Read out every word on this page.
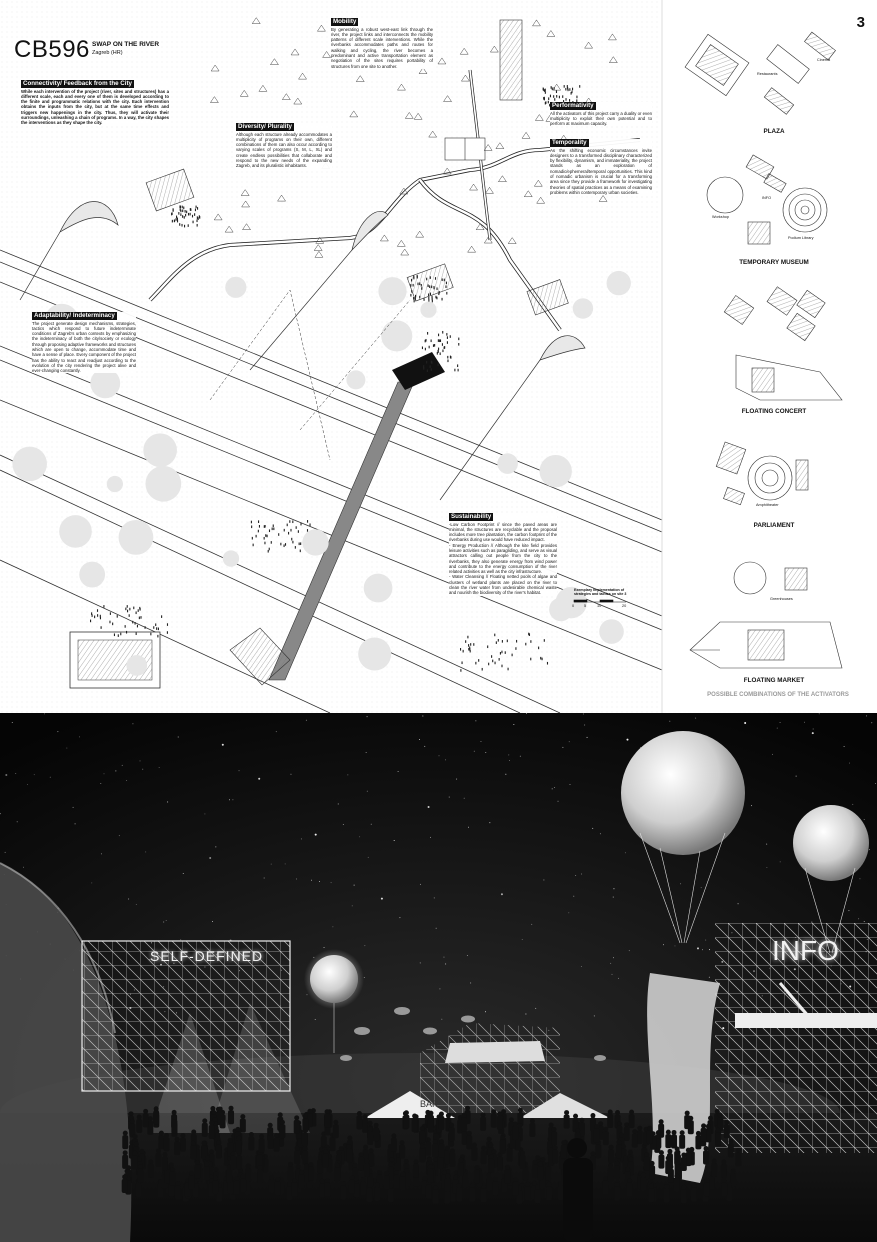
CB596 SWAP ON THE RIVER
Zagreb (HR)
3
Connectivity/ Feedback from the City
While each intervention of the project (river, sites and structures) has a different scale, each and every one of them is developed according to the finite and programmatic relations with the city. Each intervention obtains the inputs from the city, but at the same time effects and triggers new happenings in the city. Thus, they will activate their surroundings, unleashing a chain of programs. In a way, the city shapes the interventions as they shape the city.
Mobility
By generating a robust west-east link through the river, the project links and interconnects the mobility patterns of different scale interventions. While the riverbanks accommodates paths and routes for walking and cycling, the river becomes a predominant and active transportation element as negotiation of the sites requires portability of structures from one site to another.
Diversity/ Plurality
Although each structure already accommodates a multiplicity of programs on their own, different combinations of them can also occur according to varying scales of programs (S, M, L, XL) and create endless possibilities that collaborate and respond to the new needs of the expanding Zagreb, and its pluralistic inhabitants.
Performativity
All the activators of this project carry a duality or even multiplicity to exploit their own potential and to perform at maximum capacity.
Temporality
As the shifting economic circumstances invite designers to a transformed disciplinary characterized by flexibility, dynamism, and immateriality, the project stands as an exploration of nomadic/ephemeral/temporal opportunities. This kind of nomadic urbanism is crucial for a transforming area since they provide a framework for investigating theories of spatial practices as a means of examining problems within contemporary urban societies.
Adaptability/ Indeterminacy
The project generate design mechanisms, strategies, tactics which respond to future indeterminate conditions of Zagreb's urban contexts by emphasizing the indeterminacy of both the city/society or ecology through proposing adaptive frameworks and structures which are open to change, accommodate time and have a sense of place. Every component of the project has the ability to react and readjust according to the evolution of the city rendering the project alive and ever-changing constantly.
Sustainability
-Low Carbon Footprint // since the paved areas are minimal, the structures are recyclable and the proposal includes more tree plantation, the carbon footprint of the riverbanks during use would have reduced impact.
- Energy Production // Although the kite field provides leisure activities such as paragliding, and serve as visual attractors calling out people from the city to the riverbanks, they also generate energy from wind power and contribute to the energy consumption of the river related activities as well as the city infrastructure.
- Water Cleansing // Floating netted pools of algae and clusters of wetland plants are placed on the river to clean the river water from undesirable chemical waste and nourish the biodiversity of the river's habitat.
Exemplary Implementation of strategies and tactics on site 3
0	5	10	20
Restaurants
Cinema
PLAZA
Workshop
INFO
Podium Library
TEMPORARY MUSEUM
FLOATING CONCERT
Amphitheater
PARLIAMENT
Greenhouses
FLOATING MARKET
POSSIBLE COMBINATIONS OF THE ACTIVATORS
SELF-DEFINED	INFO
BAR
